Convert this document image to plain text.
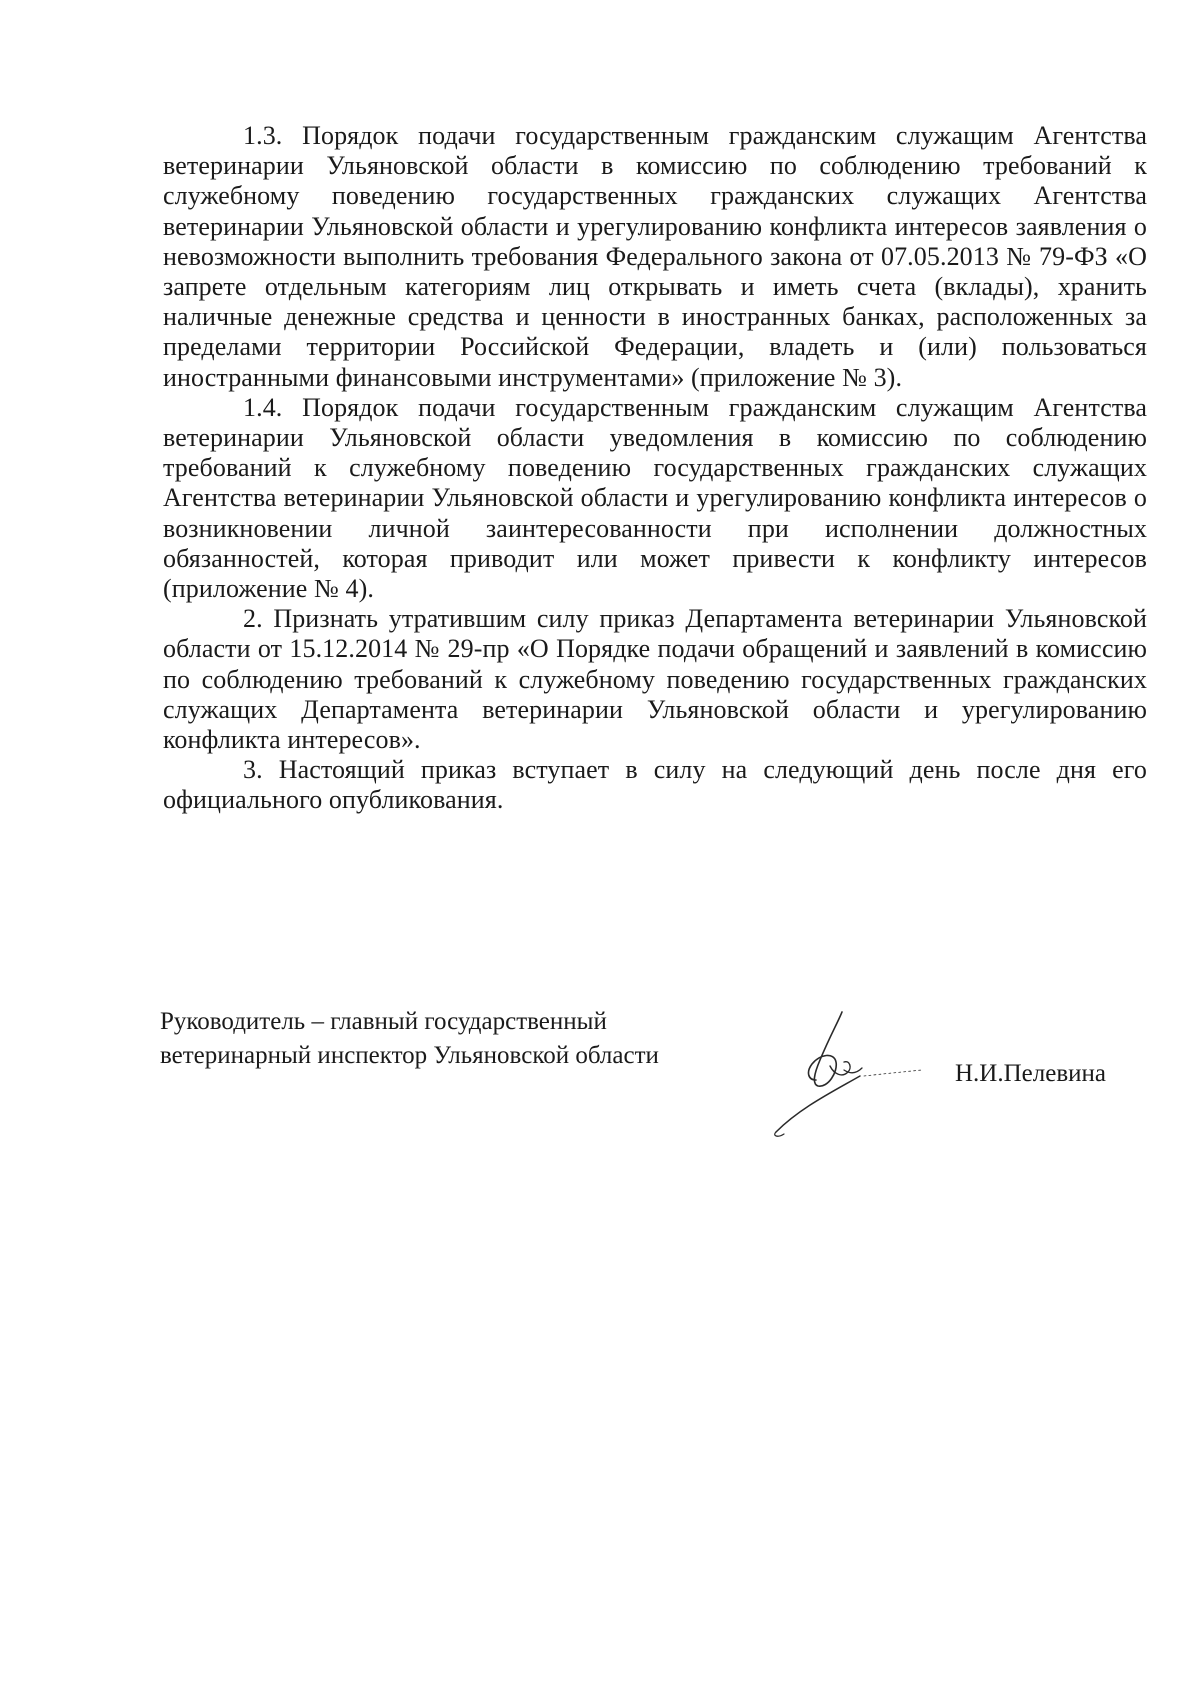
1.3. Порядок подачи государственным гражданским служащим Агентства ветеринарии Ульяновской области в комиссию по соблюдению требований к служебному поведению государственных гражданских служащих Агентства ветеринарии Ульяновской области и урегулированию конфликта интересов заявления о невозможности выполнить требования Федерального закона от 07.05.2013 № 79-ФЗ «О запрете отдельным категориям лиц открывать и иметь счета (вклады), хранить наличные денежные средства и ценности в иностранных банках, расположенных за пределами территории Российской Федерации, владеть и (или) пользоваться иностранными финансовыми инструментами» (приложение № 3).

1.4. Порядок подачи государственным гражданским служащим Агентства ветеринарии Ульяновской области уведомления в комиссию по соблюдению требований к служебному поведению государственных гражданских служащих Агентства ветеринарии Ульяновской области и урегулированию конфликта интересов о возникновении личной заинтересованности при исполнении должностных обязанностей, которая приводит или может привести к конфликту интересов (приложение № 4).

2. Признать утратившим силу приказ Департамента ветеринарии Ульяновской области от 15.12.2014 № 29-пр «О Порядке подачи обращений и заявлений в комиссию по соблюдению требований к служебному поведению государственных гражданских служащих Департамента ветеринарии Ульяновской области и урегулированию конфликта интересов».

3. Настоящий приказ вступает в силу на следующий день после дня его официального опубликования.

Руководитель – главный государственный
ветеринарный инспектор Ульяновской области
Н.И.Пелевина
